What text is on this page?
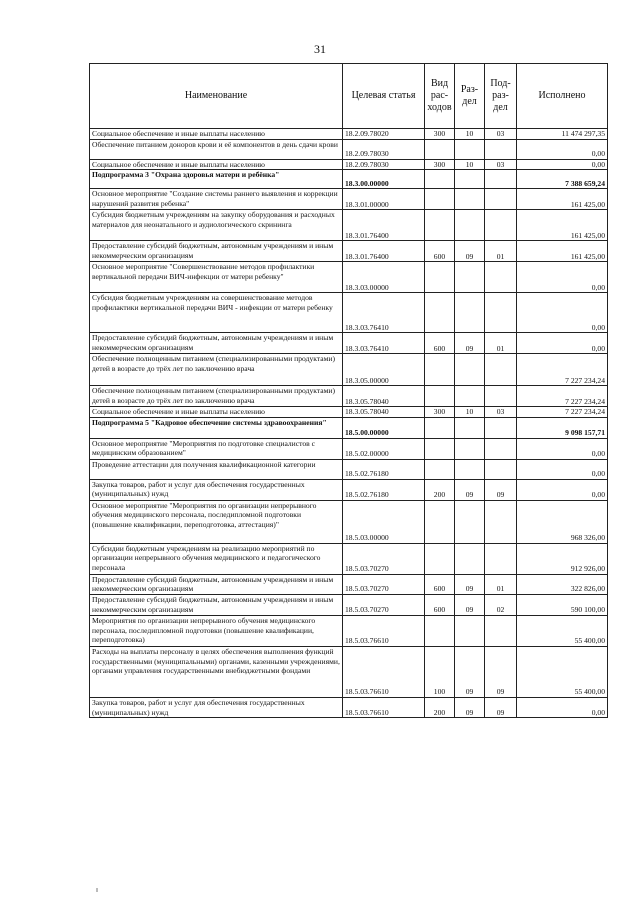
31
Наименование	Целевая статья	Вид рас-ходов	Раз-дел	Под-раз-дел	Исполнено
Социальное обеспечение и иные выплаты населению	18.2.09.78020	300	10	03	11 474 297,35
Обеспечение питанием доноров крови и её компонентов в день сдачи крови	18.2.09.78030				0,00
Социальное обеспечение и иные выплаты населению	18.2.09.78030	300	10	03	0,00
Подпрограмма 3 "Охрана здоровья матери и ребёнка"	18.3.00.00000				7 388 659,24
Основное мероприятие "Создание системы раннего выявления и коррекции нарушений развития ребенка"	18.3.01.00000				161 425,00
Субсидия бюджетным учреждениям на закупку оборудования и расходных материалов для неонатального и аудиологического скрининга	18.3.01.76400				161 425,00
Предоставление субсидий бюджетным, автономным учреждениям и иным некоммерческим организациям	18.3.01.76400	600	09	01	161 425,00
Основное мероприятие "Совершенствование методов профилактики вертикальной передачи ВИЧ-инфекции от матери ребенку"	18.3.03.00000				0,00
Субсидия бюджетным учреждениям на совершенствование методов профилактики вертикальной передачи ВИЧ - инфекции от матери ребенку	18.3.03.76410				0,00
Предоставление субсидий бюджетным, автономным учреждениям и иным некоммерческим организациям	18.3.03.76410	600	09	01	0,00
Обеспечение полноценным питанием (специализированными продуктами) детей в возрасте до трёх лет по заключению врача	18.3.05.00000				7 227 234,24
Обеспечение полноценным питанием (специализированными продуктами) детей в возрасте до трёх лет по заключению врача	18.3.05.78040				7 227 234,24
Социальное обеспечение и иные выплаты населению	18.3.05.78040	300	10	03	7 227 234,24
Подпрограмма 5 "Кадровое обеспечение системы здравоохранения"	18.5.00.00000				9 098 157,71
Основное мероприятие "Мероприятия по подготовке специалистов с медицинским образованием"	18.5.02.00000				0,00
Проведение аттестации для получения квалификационной категории	18.5.02.76180				0,00
Закупка товаров, работ и услуг для обеспечения государственных (муниципальных) нужд	18.5.02.76180	200	09	09	0,00
Основное мероприятие "Мероприятия по организации непрерывного обучения медицинского персонала, последипломной подготовки (повышение квалификации, переподготовка, аттестация)"	18.5.03.00000				968 326,00
Субсидии бюджетным учреждениям на реализацию мероприятий по организации непрерывного обучения медицинского и педагогического персонала	18.5.03.70270				912 926,00
Предоставление субсидий бюджетным, автономным учреждениям и иным некоммерческим организациям	18.5.03.70270	600	09	01	322 826,00
Предоставление субсидий бюджетным, автономным учреждениям и иным некоммерческим организациям	18.5.03.70270	600	09	02	590 100,00
Мероприятия по организации непрерывного обучения медицинского персонала, последипломной подготовки (повышение квалификации, переподготовка)	18.5.03.76610				55 400,00
Расходы на выплаты персоналу в целях обеспечения выполнения функций государственными (муниципальными) органами, казенными учреждениями, органами управления государственными внебюджетными фондами	18.5.03.76610	100	09	09	55 400,00
Закупка товаров, работ и услуг для обеспечения государственных (муниципальных) нужд	18.5.03.76610	200	09	09	0,00
